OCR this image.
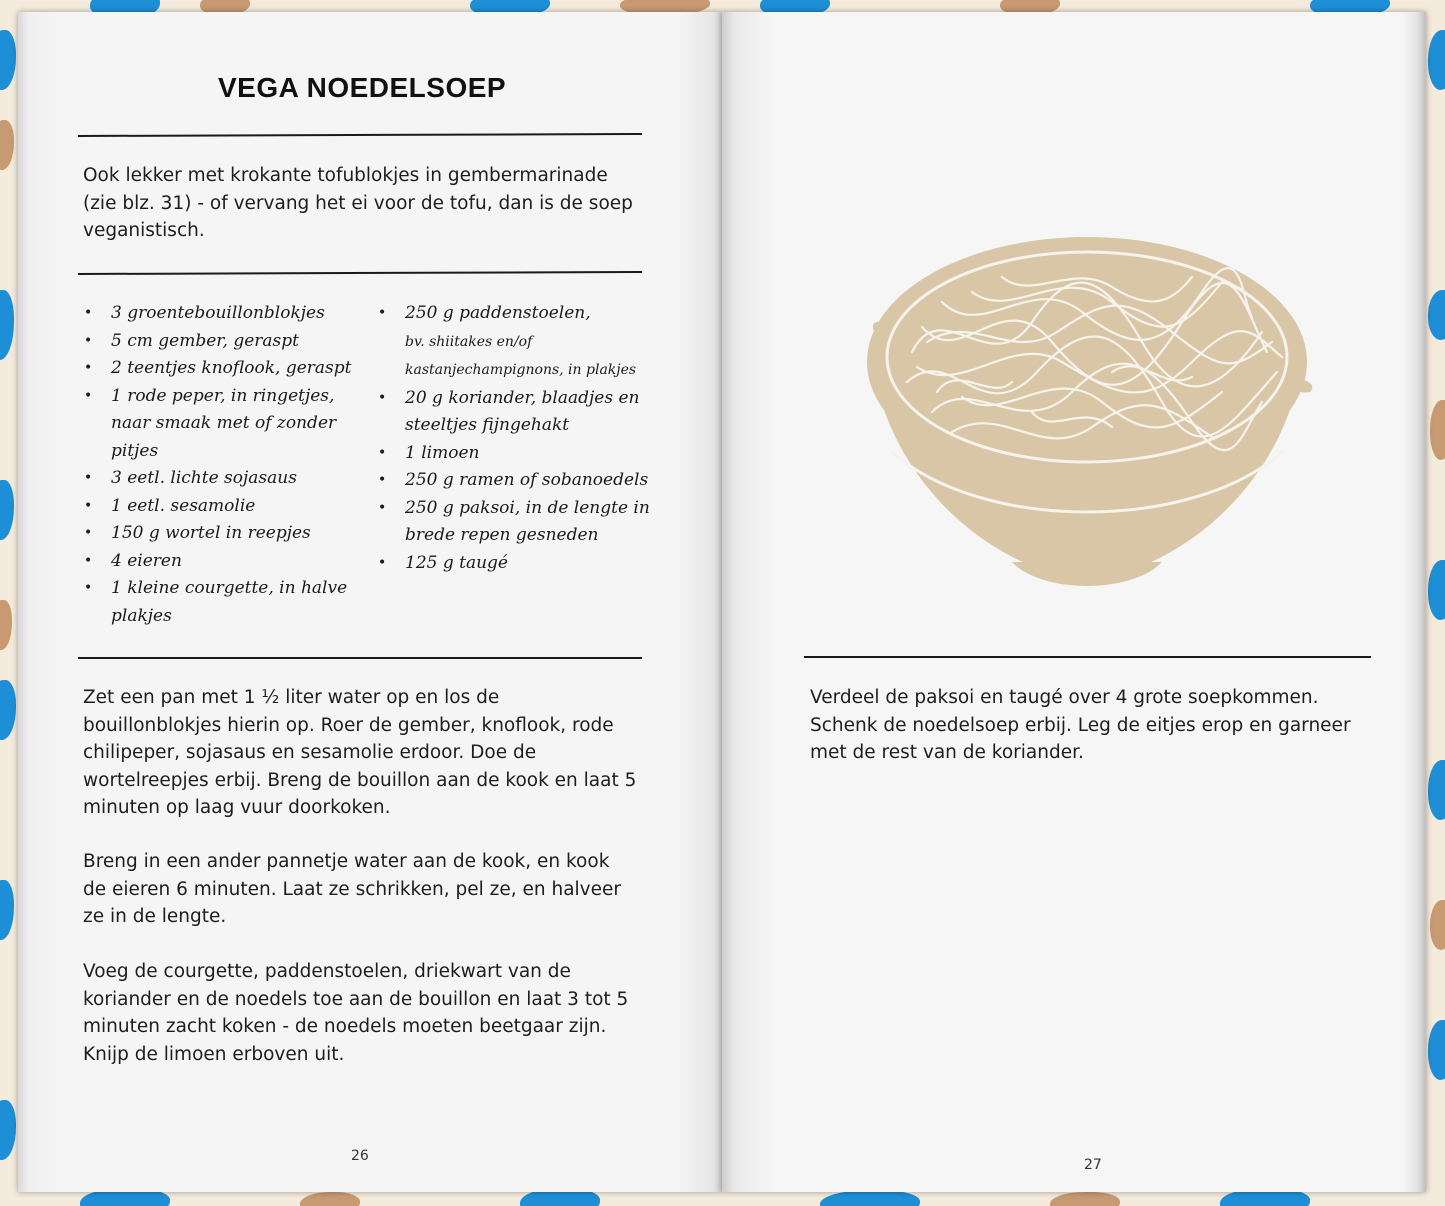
VEGA NOEDELSOEP

Ook lekker met krokante tofublokjes in gembermarinade (zie blz. 31) - of vervang het ei voor de tofu, dan is de soep veganistisch.

• 3 groentebouillonblokjes
• 5 cm gember, geraspt
• 2 teentjes knoflook, geraspt
• 1 rode peper, in ringetjes, naar smaak met of zonder pitjes
• 3 eetl. lichte sojasaus
• 1 eetl. sesamolie
• 150 g wortel in reepjes
• 4 eieren
• 1 kleine courgette, in halve plakjes
• 250 g paddenstoelen,
bv. shiitakes en/of kastanjechampignons, in plakjes
• 20 g koriander, blaadjes en steeltjes fijngehakt
• 1 limoen
• 250 g ramen of sobanoedels
• 250 g paksoi, in de lengte in brede repen gesneden
• 125 g taugé

Zet een pan met 1 ½ liter water op en los de bouillonblokjes hierin op. Roer de gember, knoflook, rode chilipeper, sojasaus en sesamolie erdoor. Doe de wortelreepjes erbij. Breng de bouillon aan de kook en laat 5 minuten op laag vuur doorkoken.

Breng in een ander pannetje water aan de kook, en kook de eieren 6 minuten. Laat ze schrikken, pel ze, en halveer ze in de lengte.

Voeg de courgette, paddenstoelen, driekwart van de koriander en de noedels toe aan de bouillon en laat 3 tot 5 minuten zacht koken - de noedels moeten beetgaar zijn. Knijp de limoen erboven uit.

26

Verdeel de paksoi en taugé over 4 grote soepkommen. Schenk de noedelsoep erbij. Leg de eitjes erop en garneer met de rest van de koriander.

27
